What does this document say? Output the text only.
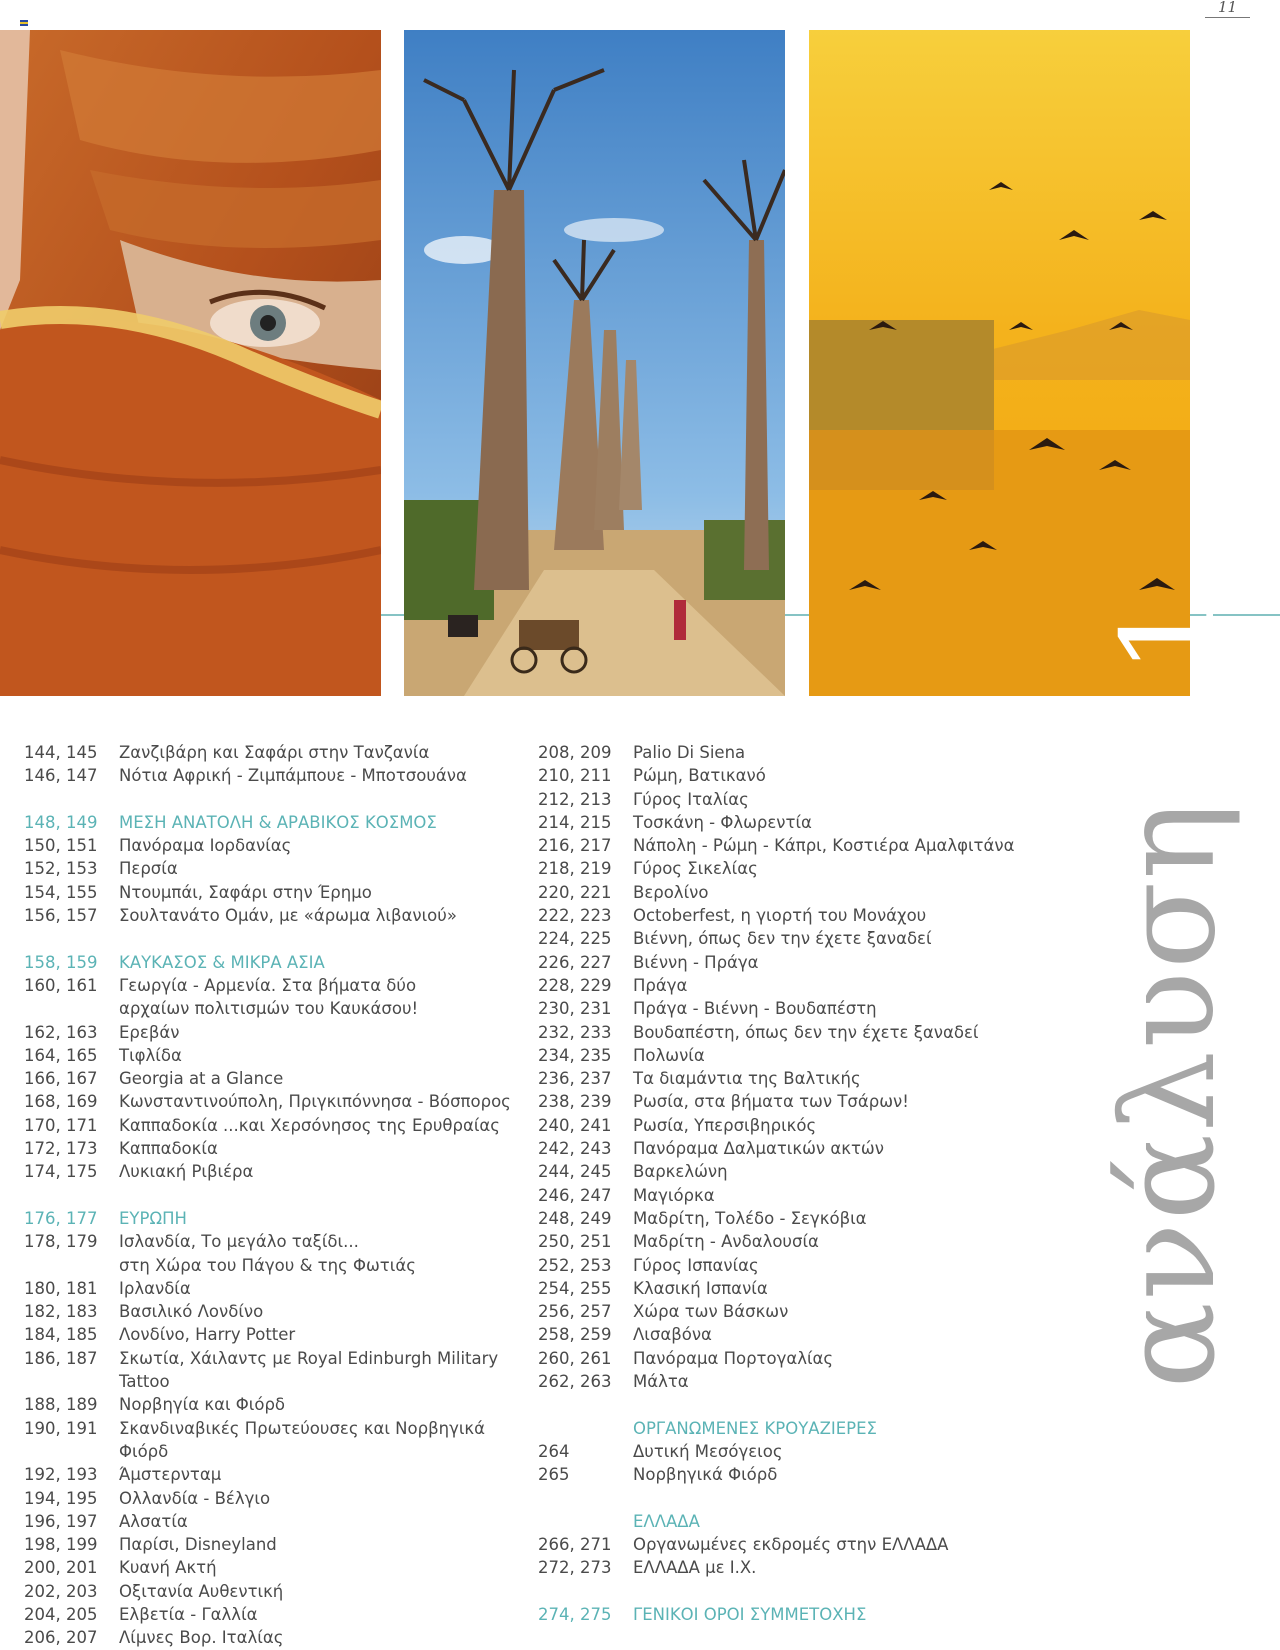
11
ανάλυση 11
144, 145	Ζανζιβάρη και Σαφάρι στην Τανζανία
146, 147	Νότια Αφρική - Ζιμπάμπουε - Μποτσουάνα
148, 149	ΜΕΣΗ ΑΝΑΤΟΛΗ & ΑΡΑΒΙΚΟΣ ΚΟΣΜΟΣ
150, 151	Πανόραμα Ιορδανίας
152, 153	Περσία
154, 155	Ντουμπάι, Σαφάρι στην Έρημο
156, 157	Σουλτανάτο Ομάν, με «άρωμα λιβανιού»
158, 159	ΚΑΥΚΑΣΟΣ & ΜΙΚΡΑ ΑΣΙΑ
160, 161	Γεωργία - Αρμενία. Στα βήματα δύο
αρχαίων πολιτισμών του Καυκάσου!
162, 163	Ερεβάν
164, 165	Τιφλίδα
166, 167	Georgia at a Glance
168, 169	Κωνσταντινούπολη, Πριγκιπόννησα - Βόσπορος
170, 171	Καππαδοκία ...και Χερσόνησος της Ερυθραίας
172, 173	Καππαδοκία
174, 175	Λυκιακή Ριβιέρα
176, 177	ΕΥΡΩΠΗ
178, 179	Ισλανδία, Το μεγάλο ταξίδι...
στη Χώρα του Πάγου & της Φωτιάς
180, 181	Ιρλανδία
182, 183	Βασιλικό Λονδίνο
184, 185	Λονδίνο, Harry Potter
186, 187	Σκωτία, Χάιλαντς με Royal Edinburgh Military
Tattoo
188, 189	Νορβηγία και Φιόρδ
190, 191	Σκανδιναβικές Πρωτεύουσες και Νορβηγικά
Φιόρδ
192, 193	Άμστερνταμ
194, 195	Ολλανδία - Βέλγιο
196, 197	Αλσατία
198, 199	Παρίσι, Disneyland
200, 201	Κυανή Ακτή
202, 203	Οξιτανία Αυθεντική
204, 205	Ελβετία - Γαλλία
206, 207	Λίμνες Βορ. Ιταλίας
208, 209	Palio Di Siena
210, 211	Ρώμη, Βατικανό
212, 213	Γύρος Ιταλίας
214, 215	Τοσκάνη - Φλωρεντία
216, 217	Νάπολη - Ρώμη - Κάπρι, Κοστιέρα Αμαλφιτάνα
218, 219	Γύρος Σικελίας
220, 221	Βερολίνο
222, 223	Octoberfest, η γιορτή του Μονάχου
224, 225	Βιέννη, όπως δεν την έχετε ξαναδεί
226, 227	Βιέννη - Πράγα
228, 229	Πράγα
230, 231	Πράγα - Βιέννη - Βουδαπέστη
232, 233	Βουδαπέστη, όπως δεν την έχετε ξαναδεί
234, 235	Πολωνία
236, 237	Τα διαμάντια της Βαλτικής
238, 239	Ρωσία, στα βήματα των Τσάρων!
240, 241	Ρωσία, Υπερσιβηρικός
242, 243	Πανόραμα Δαλματικών ακτών
244, 245	Βαρκελώνη
246, 247	Μαγιόρκα
248, 249	Μαδρίτη, Τολέδο - Σεγκόβια
250, 251	Μαδρίτη - Ανδαλουσία
252, 253	Γύρος Ισπανίας
254, 255	Κλασική Ισπανία
256, 257	Χώρα των Βάσκων
258, 259	Λισαβόνα
260, 261	Πανόραμα Πορτογαλίας
262, 263	Μάλτα
ΟΡΓΑΝΩΜΕΝΕΣ ΚΡΟΥΑΖΙΕΡΕΣ
264	Δυτική Μεσόγειος
265	Νορβηγικά Φιόρδ
ΕΛΛΑΔΑ
266, 271	Οργανωμένες εκδρομές στην ΕΛΛΑΔΑ
272, 273	ΕΛΛΑΔΑ με Ι.Χ.
274, 275	ΓΕΝΙΚΟΙ ΟΡΟΙ ΣΥΜΜΕΤΟΧΗΣ
